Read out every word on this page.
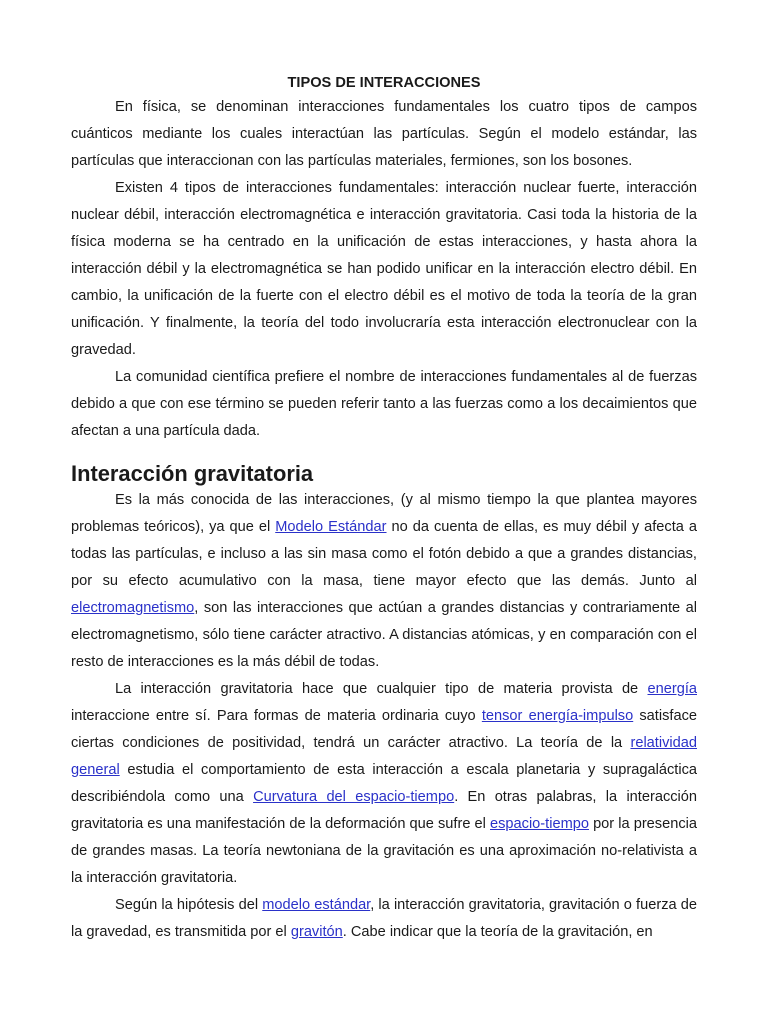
TIPOS DE INTERACCIONES

En física, se denominan interacciones fundamentales los cuatro tipos de campos cuánticos mediante los cuales interactúan las partículas. Según el modelo estándar, las partículas que interaccionan con las partículas materiales, fermiones, son los bosones.

Existen 4 tipos de interacciones fundamentales: interacción nuclear fuerte, interacción nuclear débil, interacción electromagnética e interacción gravitatoria. Casi toda la historia de la física moderna se ha centrado en la unificación de estas interacciones, y hasta ahora la interacción débil y la electromagnética se han podido unificar en la interacción electro débil. En cambio, la unificación de la fuerte con el electro débil es el motivo de toda la teoría de la gran unificación. Y finalmente, la teoría del todo involucraría esta interacción electronuclear con la gravedad.

La comunidad científica prefiere el nombre de interacciones fundamentales al de fuerzas debido a que con ese término se pueden referir tanto a las fuerzas como a los decaimientos que afectan a una partícula dada.

Interacción gravitatoria

Es la más conocida de las interacciones, (y al mismo tiempo la que plantea mayores problemas teóricos), ya que el Modelo Estándar no da cuenta de ellas, es muy débil y afecta a todas las partículas, e incluso a las sin masa como el fotón debido a que a grandes distancias, por su efecto acumulativo con la masa, tiene mayor efecto que las demás. Junto al electromagnetismo, son las interacciones que actúan a grandes distancias y contrariamente al electromagnetismo, sólo tiene carácter atractivo. A distancias atómicas, y en comparación con el resto de interacciones es la más débil de todas.

La interacción gravitatoria hace que cualquier tipo de materia provista de energía interaccione entre sí. Para formas de materia ordinaria cuyo tensor energía-impulso satisface ciertas condiciones de positividad, tendrá un carácter atractivo. La teoría de la relatividad general estudia el comportamiento de esta interacción a escala planetaria y supragaláctica describiéndola como una Curvatura del espacio-tiempo. En otras palabras, la interacción gravitatoria es una manifestación de la deformación que sufre el espacio-tiempo por la presencia de grandes masas. La teoría newtoniana de la gravitación es una aproximación no-relativista a la interacción gravitatoria.

Según la hipótesis del modelo estándar, la interacción gravitatoria, gravitación o fuerza de la gravedad, es transmitida por el gravitón. Cabe indicar que la teoría de la gravitación, en
